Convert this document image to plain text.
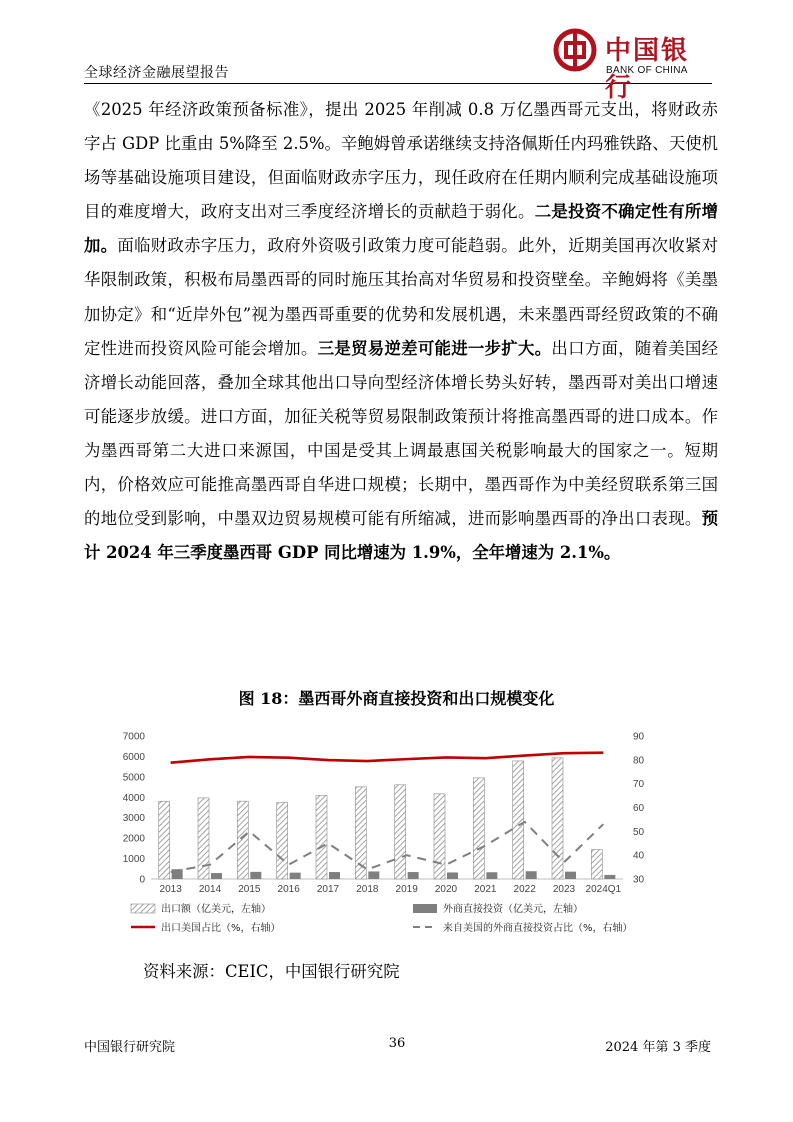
全球经济金融展望报告
中国银行
BANK OF CHINA

《2025 年经济政策预备标准》，提出 2025 年削减 0.8 万亿墨西哥元支出，将财政赤字占 GDP 比重由 5%降至 2.5%。辛鲍姆曾承诺继续支持洛佩斯任内玛雅铁路、天使机场等基础设施项目建设，但面临财政赤字压力，现任政府在任期内顺利完成基础设施项目的难度增大，政府支出对三季度经济增长的贡献趋于弱化。二是投资不确定性有所增加。面临财政赤字压力，政府外资吸引政策力度可能趋弱。此外，近期美国再次收紧对华限制政策，积极布局墨西哥的同时施压其抬高对华贸易和投资壁垒。辛鲍姆将《美墨加协定》和“近岸外包”视为墨西哥重要的优势和发展机遇，未来墨西哥经贸政策的不确定性进而投资风险可能会增加。三是贸易逆差可能进一步扩大。出口方面，随着美国经济增长动能回落，叠加全球其他出口导向型经济体增长势头好转，墨西哥对美出口增速可能逐步放缓。进口方面，加征关税等贸易限制政策预计将推高墨西哥的进口成本。作为墨西哥第二大进口来源国，中国是受其上调最惠国关税影响最大的国家之一。短期内，价格效应可能推高墨西哥自华进口规模；长期中，墨西哥作为中美经贸联系第三国的地位受到影响，中墨双边贸易规模可能有所缩减，进而影响墨西哥的净出口表现。预计 2024 年三季度墨西哥 GDP 同比增速为 1.9%，全年增速为 2.1%。

图 18：墨西哥外商直接投资和出口规模变化
0
1000
2000
3000
4000
5000
6000
7000
30
40
50
60
70
80
90
2013 2014 2015 2016 2017 2018 2019 2020 2021 2022 2023 2024Q1
出口额（亿美元，左轴）	外商直接投资（亿美元，左轴）
出口美国占比（%，右轴）	来自美国的外商直接投资占比（%，右轴）
资料来源：CEIC，中国银行研究院
中国银行研究院	36	2024 年第 3 季度
